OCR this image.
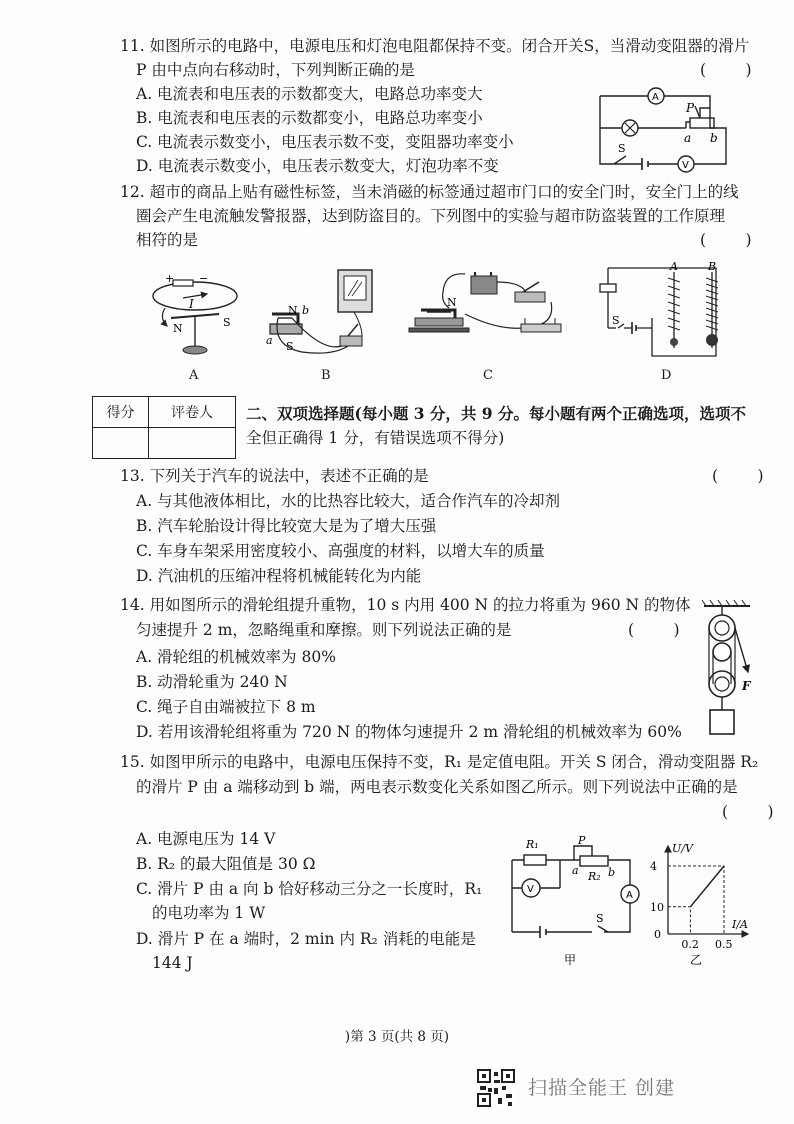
11. 如图所示的电路中，电源电压和灯泡电阻都保持不变。闭合开关S，当滑动变阻器的滑片
P 由中点向右移动时，下列判断正确的是	(        )
A. 电流表和电压表的示数都变大，电路总功率变大
B. 电流表和电压表的示数都变小，电路总功率变小
C. 电流表示数变小，电压表示数不变，变阻器功率变小
D. 电流表示数变小，电压表示数变大，灯泡功率不变
A
V
P
a b
S
12. 超市的商品上贴有磁性标签，当未消磁的标签通过超市门口的安全门时，安全门上的线
圈会产生电流触发警报器，达到防盗目的。下列图中的实验与超市防盗装置的工作原理
相符的是	(        )
+ −
I
N	S
A
N b
a S
B
N
C
A	B
S
D
得分	评卷人
	二、双项选择题(每小题 3 分，共 9 分。每小题有两个正确选项，选项不
全但正确得 1 分，有错误选项不得分)
13. 下列关于汽车的说法中，表述不正确的是	(        )
A. 与其他液体相比，水的比热容比较大，适合作汽车的冷却剂
B. 汽车轮胎设计得比较宽大是为了增大压强
C. 车身车架采用密度较小、高强度的材料，以增大车的质量
D. 汽油机的压缩冲程将机械能转化为内能
14. 用如图所示的滑轮组提升重物，10 s 内用 400 N 的拉力将重为 960 N 的物体
匀速提升 2 m，忽略绳重和摩擦。则下列说法正确的是	(        )
A. 滑轮组的机械效率为 80%
B. 动滑轮重为 240 N
C. 绳子自由端被拉下 8 m
D. 若用该滑轮组将重为 720 N 的物体匀速提升 2 m 滑轮组的机械效率为 60%
F
15. 如图甲所示的电路中，电源电压保持不变，R₁ 是定值电阻。开关 S 闭合，滑动变阻器 R₂
的滑片 P 由 a 端移动到 b 端，两电表示数变化关系如图乙所示。则下列说法中正确的是
(        )
A. 电源电压为 14 V
B. R₂ 的最大阻值是 30 Ω
C. 滑片 P 由 a 向 b 恰好移动三分之一长度时，R₁
的电功率为 1 W
D. 滑片 P 在 a 端时，2 min 内 R₂ 消耗的电能是
144 J
V
A
R₁	P
a R₂ b
S
甲
U/V
I/A
0
10
4
0.2 0.5
乙
)第 3 页(共 8 页)
扫描全能王 创建
